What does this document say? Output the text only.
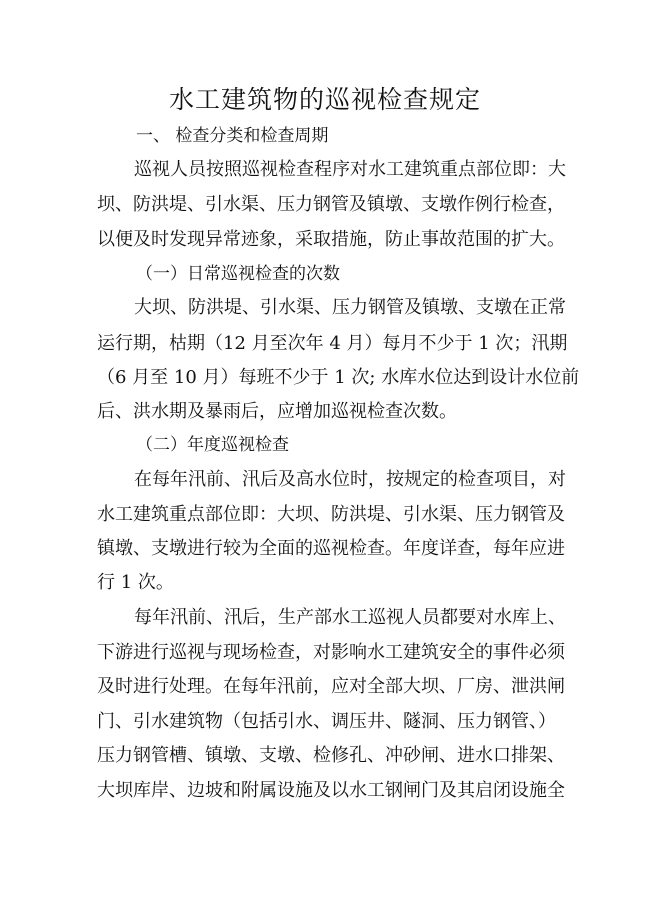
水工建筑物的巡视检查规定
一、 检查分类和检查周期
巡视人员按照巡视检查程序对水工建筑重点部位即：大
坝、防洪堤、引水渠、压力钢管及镇墩、支墩作例行检查，
以便及时发现异常迹象，采取措施，防止事故范围的扩大。
（一）日常巡视检查的次数
大坝、防洪堤、引水渠、压力钢管及镇墩、支墩在正常
运行期，枯期（12 月至次年 4 月）每月不少于 1 次；汛期
（6 月至 10 月）每班不少于 1 次; 水库水位达到设计水位前
后、洪水期及暴雨后，应增加巡视检查次数。
（二）年度巡视检查
在每年汛前、汛后及高水位时，按规定的检查项目，对
水工建筑重点部位即：大坝、防洪堤、引水渠、压力钢管及
镇墩、支墩进行较为全面的巡视检查。年度详查，每年应进
行 1 次。
每年汛前、汛后，生产部水工巡视人员都要对水库上、
下游进行巡视与现场检查，对影响水工建筑安全的事件必须
及时进行处理。在每年汛前，应对全部大坝、厂房、泄洪闸
门、引水建筑物（包括引水、调压井、隧洞、压力钢管、）
压力钢管槽、镇墩、支墩、检修孔、冲砂闸、进水口排架、
大坝库岸、边坡和附属设施及以水工钢闸门及其启闭设施全
